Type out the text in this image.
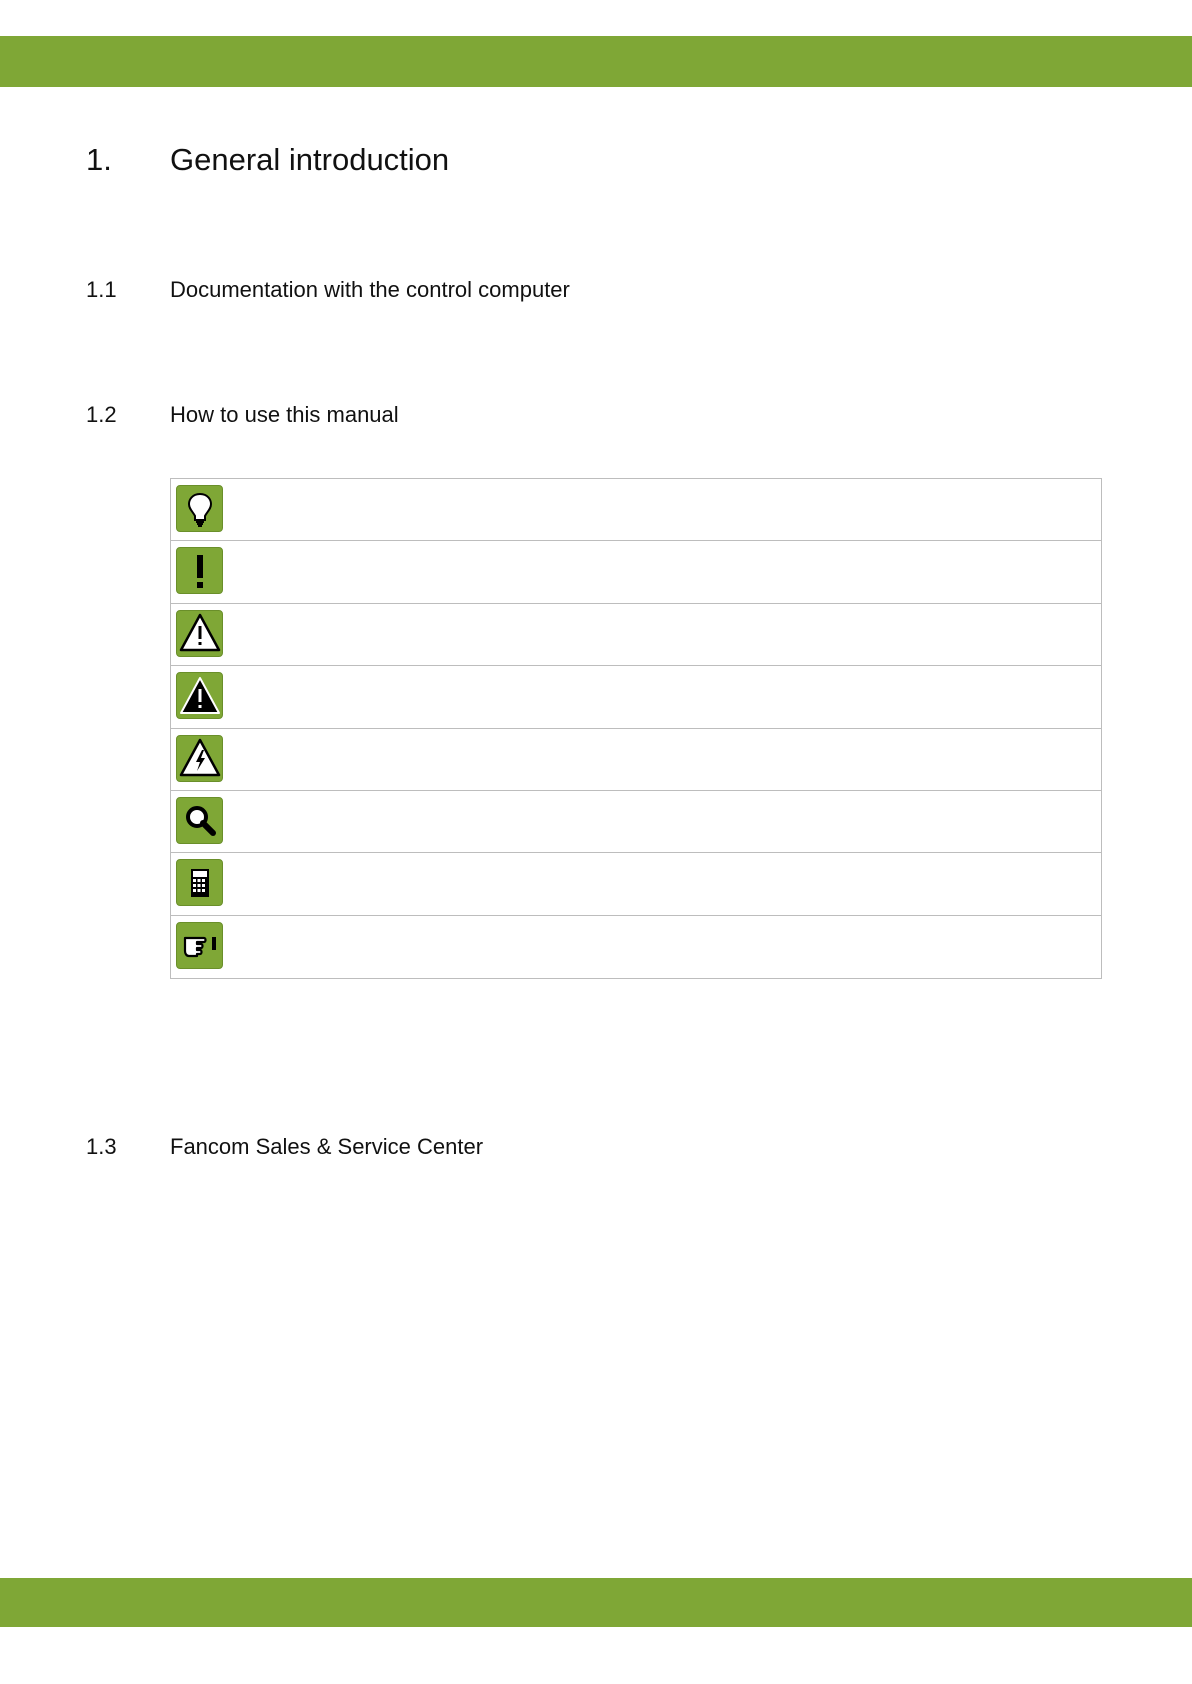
1.	General introduction
1.1	Documentation with the control computer
1.2	How to use this manual
1.3	Fancom Sales & Service Center
